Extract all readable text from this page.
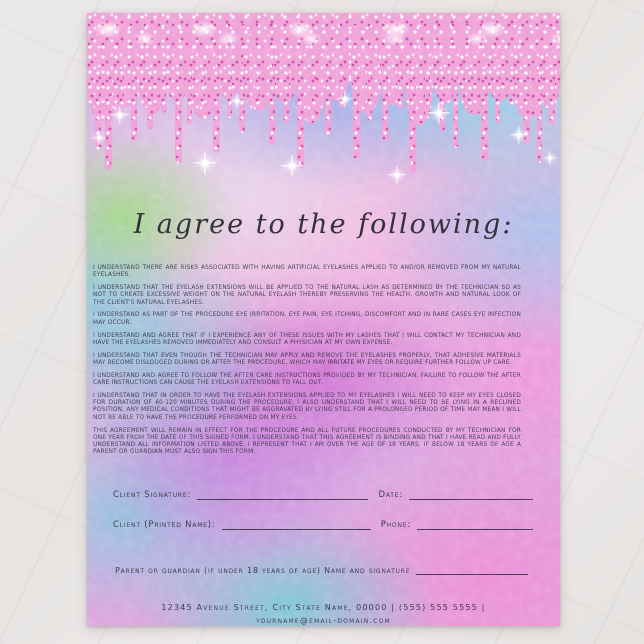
I agree to the following:

I UNDERSTAND THERE ARE RISKS ASSOCIATED WITH HAVING ARTIFICIAL EYELASHES APPLIED TO AND/OR REMOVED FROM MY NATURAL EYELASHES.

I UNDERSTAND THAT THE EYELASH EXTENSIONS WILL BE APPLIED TO THE NATURAL LASH AS DETERMINED BY THE TECHNICIAN SO AS NOT TO CREATE EXCESSIVE WEIGHT ON THE NATURAL EYELASH THEREBY PRESERVING THE HEALTH, GROWTH AND NATURAL LOOK OF THE CLIENT'S NATURAL EYELASHES.

I UNDERSTAND AS PART OF THE PROCEDURE EYE IRRITATION, EYE PAIN, EYE ITCHING, DISCOMFORT AND IN RARE CASES EYE INFECTION MAY OCCUR.

I UNDERSTAND AND AGREE THAT IF I EXPERIENCE ANY OF THESE ISSUES WITH MY LASHES THAT I WILL CONTACT MY TECHNICIAN AND HAVE THE EYELASHES REMOVED IMMEDIATELY AND CONSULT A PHYSICIAN AT MY OWN EXPENSE.

I UNDERSTAND THAT EVEN THOUGH THE TECHNICIAN MAY APPLY AND REMOVE THE EYELASHES PROPERLY, THAT ADHESIVE MATERIALS MAY BECOME DISLODGED DURING OR AFTER THE PROCEDURE, WHICH MAY IRRITATE MY EYES OR REQUIRE FURTHER FOLLOW UP CARE.

I UNDERSTAND AND AGREE TO FOLLOW THE AFTER CARE INSTRUCTIONS PROVIDED BY MY TECHNICIAN. FAILURE TO FOLLOW THE AFTER CARE INSTRUCTIONS CAN CAUSE THE EYELASH EXTENSIONS TO FALL OUT.

I UNDERSTAND THAT IN ORDER TO HAVE THE EYELASH EXTENSIONS APPLIED TO MY EYELASHES I WILL NEED TO KEEP MY EYES CLOSED FOR DURATION OF 60-120 MINUTES DURING THE PROCEDURE. I ALSO UNDERSTAND THAT I WILL NEED TO BE LYING IN A RECLINED POSITION. ANY MEDICAL CONDITIONS THAT MIGHT BE AGGRAVATED BY LYING STILL FOR A PROLONGED PERIOD OF TIME MAY MEAN I WILL NOT BE ABLE TO HAVE THE PROCEDURE PERFORMED ON MY EYES.

THIS AGREEMENT WILL REMAIN IN EFFECT FOR THE PROCEDURE AND ALL FUTURE PROCEDURES CONDUCTED BY MY TECHNICIAN FOR ONE YEAR FROM THE DATE OF THIS SIGNED FORM. I UNDERSTAND THAT THIS AGREEMENT IS BINDING AND THAT I HAVE READ AND FULLY UNDERSTAND ALL INFORMATION LISTED ABOVE. I REPRESENT THAT I AM OVER THE AGE OF 18 YEARS. IF BELOW 18 YEARS OF AGE A PARENT OR GUARDIAN MUST ALSO SIGN THIS FORM.

Client Signature:	Date:
Client (Printed Name):	Phone:
Parent or guardian (if under 18 years of age) Name and signature
12345 Avenue Street, City State Name, 00000 | (555) 555 5555 |
yourname@email-domain.com
